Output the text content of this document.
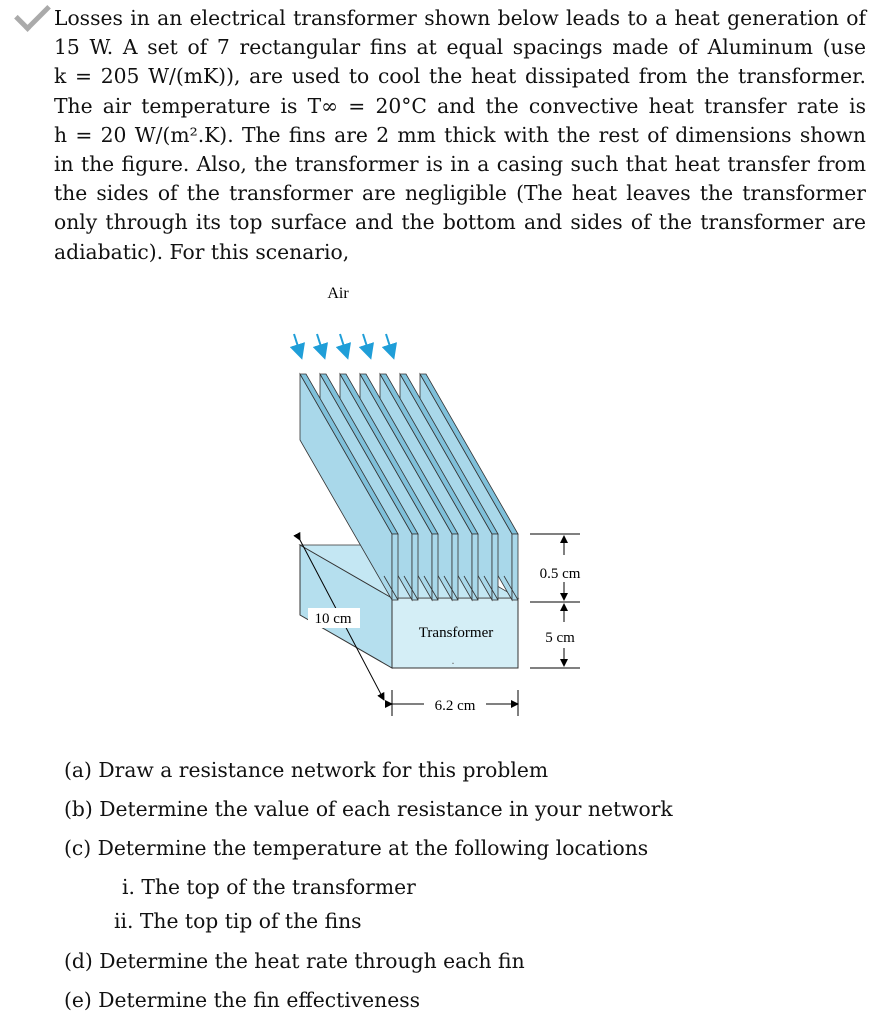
Losses in an electrical transformer shown below leads to a heat generation of
15 W. A set of 7 rectangular fins at equal spacings made of Aluminum (use
k = 205 W/(mK)), are used to cool the heat dissipated from the transformer.
The air temperature is T∞ = 20°C and the convective heat transfer rate is
h = 20 W/(m².K). The fins are 2 mm thick with the rest of dimensions shown
in the figure. Also, the transformer is in a casing such that heat transfer from
the sides of the transformer are negligible (The heat leaves the transformer
only through its top surface and the bottom and sides of the transformer are
adiabatic). For this scenario,
Air
Transformer
.
10 cm
6.2 cm
0.5 cm
5 cm
(a) Draw a resistance network for this problem
(b) Determine the value of each resistance in your network
(c) Determine the temperature at the following locations
i. The top of the transformer
ii. The top tip of the fins
(d) Determine the heat rate through each fin
(e) Determine the fin effectiveness
